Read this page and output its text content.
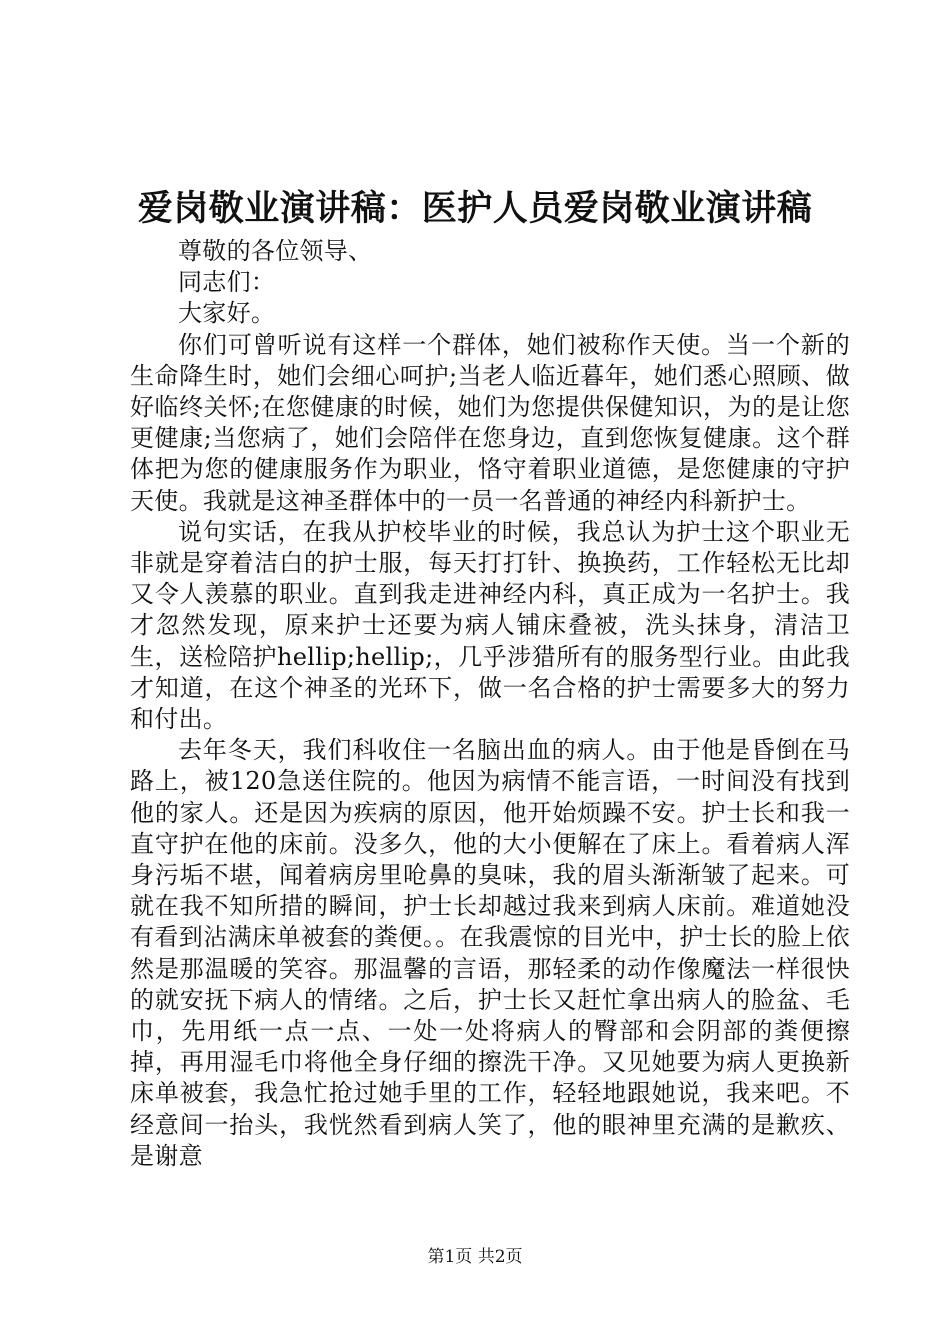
爱岗敬业演讲稿：医护人员爱岗敬业演讲稿

尊敬的各位领导、

同志们：

大家好。

你们可曾听说有这样一个群体，她们被称作天使。当一个新的生命降生时，她们会细心呵护;当老人临近暮年，她们悉心照顾、做好临终关怀;在您健康的时候，她们为您提供保健知识，为的是让您更健康;当您病了，她们会陪伴在您身边，直到您恢复健康。这个群体把为您的健康服务作为职业，恪守着职业道德，是您健康的守护天使。我就是这神圣群体中的一员一名普通的神经内科新护士。

说句实话，在我从护校毕业的时候，我总认为护士这个职业无非就是穿着洁白的护士服，每天打打针、换换药，工作轻松无比却又令人羡慕的职业。直到我走进神经内科，真正成为一名护士。我才忽然发现，原来护士还要为病人铺床叠被，洗头抹身，清洁卫生，送检陪护hellip;hellip;，几乎涉猎所有的服务型行业。由此我才知道，在这个神圣的光环下，做一名合格的护士需要多大的努力和付出。

去年冬天，我们科收住一名脑出血的病人。由于他是昏倒在马路上，被120急送住院的。他因为病情不能言语，一时间没有找到他的家人。还是因为疾病的原因，他开始烦躁不安。护士长和我一直守护在他的床前。没多久，他的大小便解在了床上。看着病人浑身污垢不堪，闻着病房里呛鼻的臭味，我的眉头渐渐皱了起来。可就在我不知所措的瞬间，护士长却越过我来到病人床前。难道她没有看到沾满床单被套的粪便。。在我震惊的目光中，护士长的脸上依然是那温暖的笑容。那温馨的言语，那轻柔的动作像魔法一样很快的就安抚下病人的情绪。之后，护士长又赶忙拿出病人的脸盆、毛巾，先用纸一点一点、一处一处将病人的臀部和会阴部的粪便擦掉，再用湿毛巾将他全身仔细的擦洗干净。又见她要为病人更换新床单被套，我急忙抢过她手里的工作，轻轻地跟她说，我来吧。不经意间一抬头，我恍然看到病人笑了，他的眼神里充满的是歉疚、是谢意

第1页 共2页
